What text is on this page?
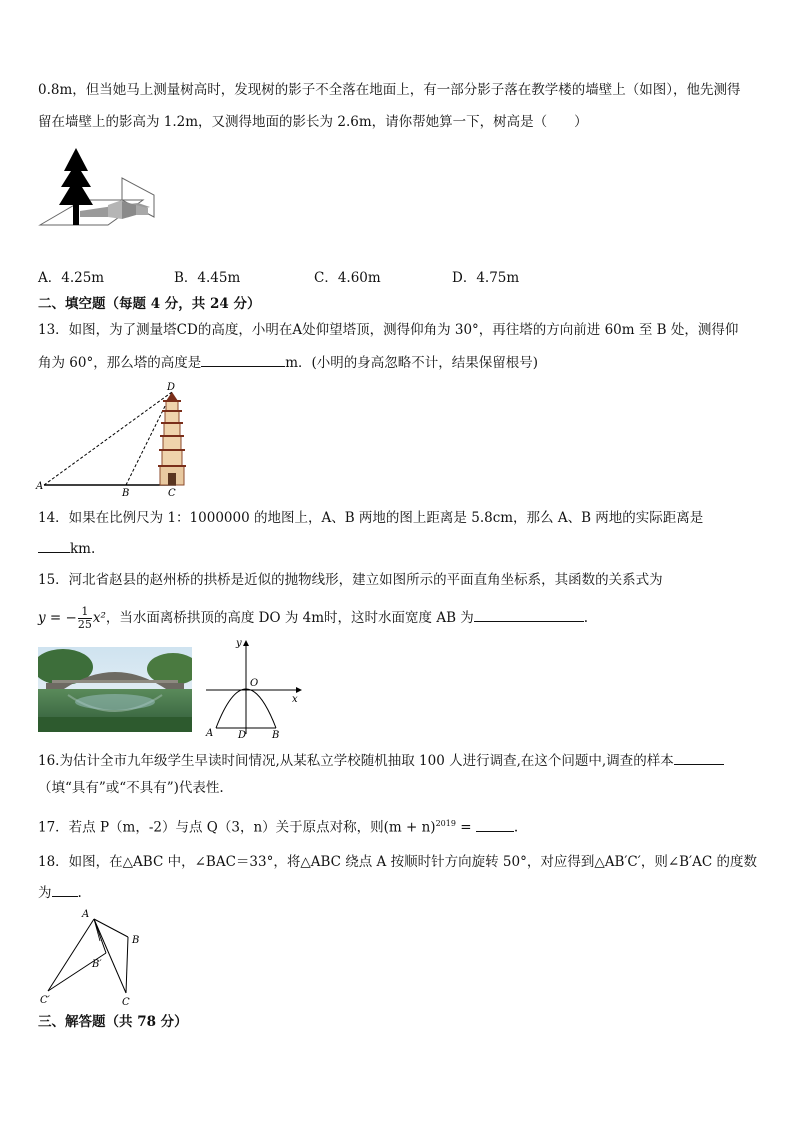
0.8m，但当她马上测量树高时，发现树的影子不全落在地面上，有一部分影子落在教学楼的墙壁上（如图），他先测得
留在墙壁上的影高为 1.2m，又测得地面的影长为 2.6m，请你帮她算一下，树高是（　　）
A．4.25m	B．4.45m	C．4.60m	D．4.75m
二、填空题（每题 4 分，共 24 分）
13．如图，为了测量塔CD的高度，小明在A处仰望塔顶，测得仰角为 30°，再往塔的方向前进 60m 至 B 处，测得仰
角为 60°，那么塔的高度是	m．(小明的身高忽略不计，结果保留根号)
A
B	C
D
14．如果在比例尺为 1：1000000 的地图上，A、B 两地的图上距离是 5.8cm，那么 A、B 两地的实际距离是
km.
15．河北省赵县的赵州桥的拱桥是近似的抛物线形，建立如图所示的平面直角坐标系，其函数的关系式为
y = − $\frac{1}{25} x^2$，当水面离桥拱顶的高度 DO 为 4m时，这时水面宽度 AB 为	.
y
x
O
A D	B
16.为估计全市九年级学生早读时间情况,从某私立学校随机抽取 100 人进行调查,在这个问题中,调查的样本
（填“具有”或“不具有”)代表性.
17．若点 P（m，-2）与点 Q（3，n）关于原点对称，则$(m + n)^{2019}$ =	.
18．如图，在△ABC 中，∠BAC＝33°，将△ABC 绕点 A 按顺时针方向旋转 50°，对应得到△AB′C′，则∠B′AC 的度数
为 .
A
B
B′
C′	C
三、解答题（共 78 分）
